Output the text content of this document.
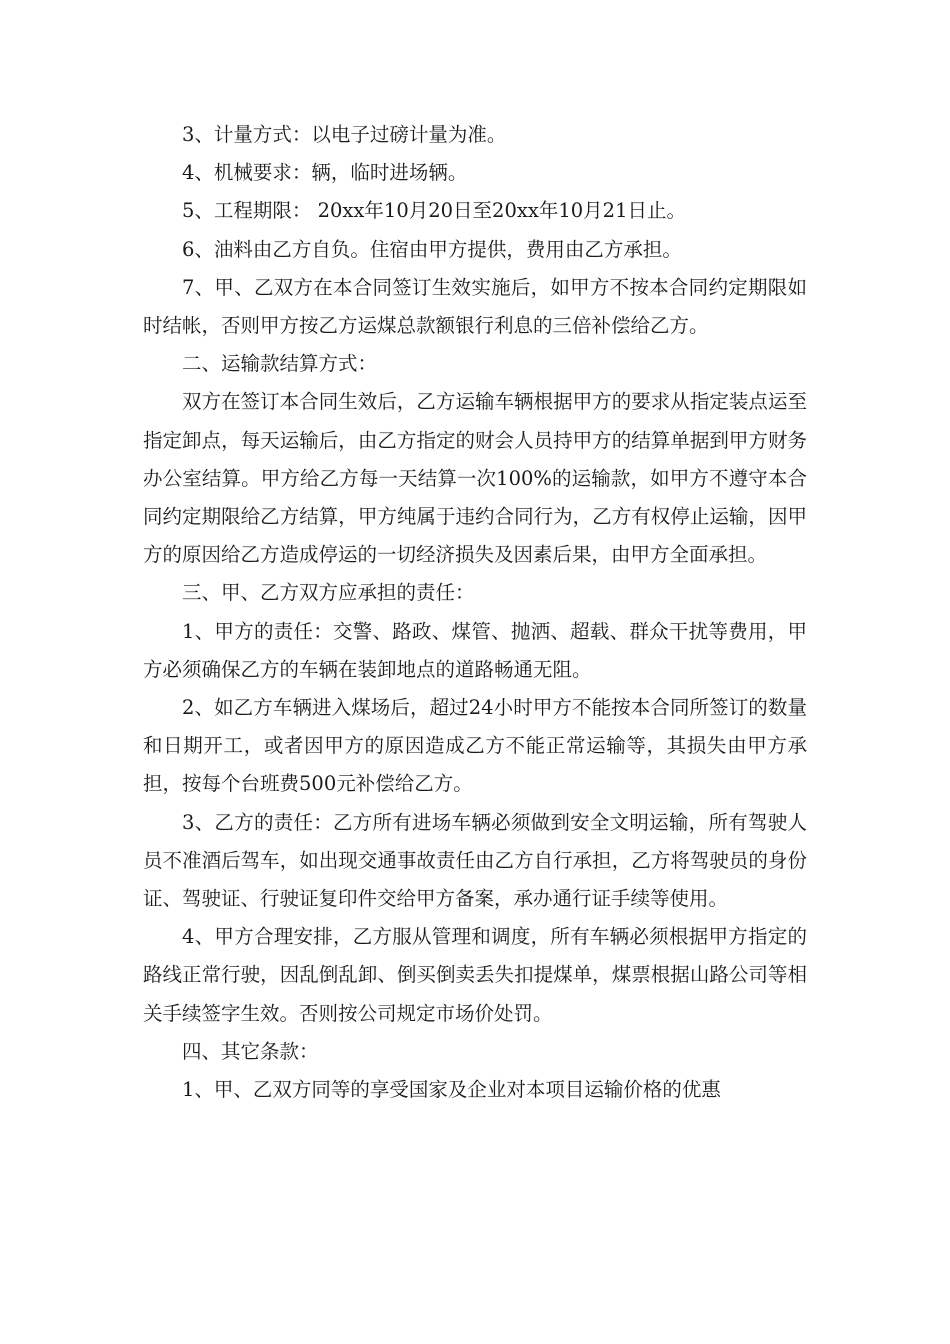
3、计量方式：以电子过磅计量为准。

4、机械要求：辆，临时进场辆。

5、工程期限： 20xx年10月20日至20xx年10月21日止。

6、油料由乙方自负。住宿由甲方提供，费用由乙方承担。

7、甲、乙双方在本合同签订生效实施后，如甲方不按本合同约定期限如时结帐，否则甲方按乙方运煤总款额银行利息的三倍补偿给乙方。

二、运输款结算方式：

双方在签订本合同生效后，乙方运输车辆根据甲方的要求从指定装点运至指定卸点，每天运输后，由乙方指定的财会人员持甲方的结算单据到甲方财务办公室结算。甲方给乙方每一天结算一次100%的运输款，如甲方不遵守本合同约定期限给乙方结算，甲方纯属于违约合同行为，乙方有权停止运输，因甲方的原因给乙方造成停运的一切经济损失及因素后果，由甲方全面承担。

三、甲、乙方双方应承担的责任：

1、甲方的责任：交警、路政、煤管、抛洒、超载、群众干扰等费用，甲方必须确保乙方的车辆在装卸地点的道路畅通无阻。

2、如乙方车辆进入煤场后，超过24小时甲方不能按本合同所签订的数量和日期开工，或者因甲方的原因造成乙方不能正常运输等，其损失由甲方承担，按每个台班费500元补偿给乙方。

3、乙方的责任：乙方所有进场车辆必须做到安全文明运输，所有驾驶人员不准酒后驾车，如出现交通事故责任由乙方自行承担，乙方将驾驶员的身份证、驾驶证、行驶证复印件交给甲方备案，承办通行证手续等使用。

4、甲方合理安排，乙方服从管理和调度，所有车辆必须根据甲方指定的路线正常行驶，因乱倒乱卸、倒买倒卖丢失扣提煤单，煤票根据山路公司等相关手续签字生效。否则按公司规定市场价处罚。

四、其它条款：

1、甲、乙双方同等的享受国家及企业对本项目运输价格的优惠
